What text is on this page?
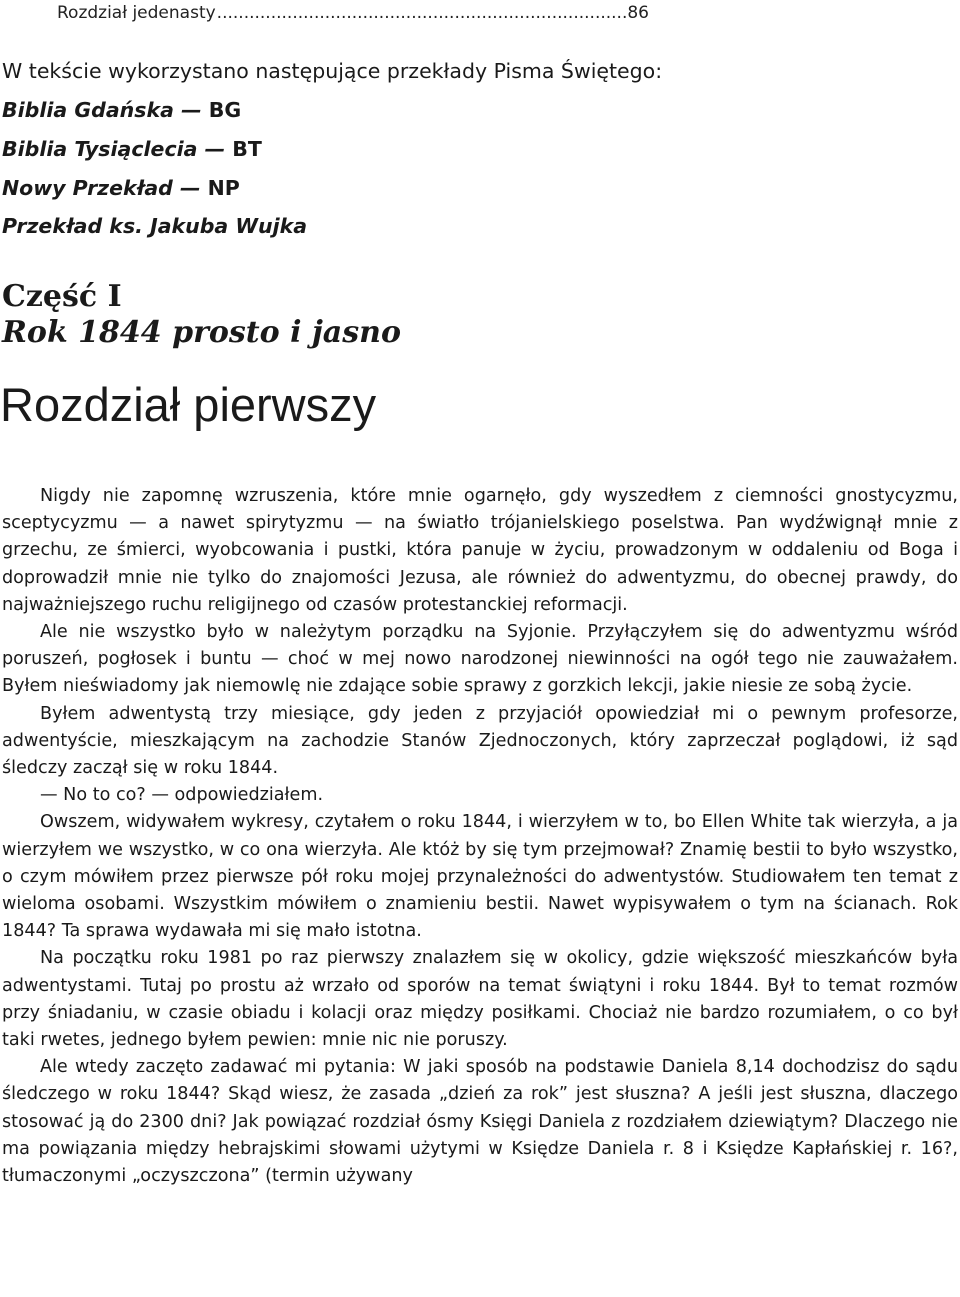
Rozdział jedenasty
.....	86
W tekście wykorzystano następujące przekłady Pisma Świętego:
Biblia Gdańska — BG
Biblia Tysiąclecia — BT
Nowy Przekład — NP
Przekład ks. Jakuba Wujka
Część I
Rok 1844 prosto i jasno
Rozdział pierwszy

Nigdy nie zapomnę wzruszenia, które mnie ogarnęło, gdy wyszedłem z ciemności gnostycyzmu, sceptycyzmu — a nawet spirytyzmu — na światło trójanielskiego poselstwa. Pan wydźwignął mnie z grzechu, ze śmierci, wyobcowania i pustki, która panuje w życiu, prowadzonym w oddaleniu od Boga i doprowadził mnie nie tylko do znajomości Jezusa, ale również do adwentyzmu, do obecnej prawdy, do najważniejszego ruchu religijnego od czasów protestanckiej reformacji.

Ale nie wszystko było w należytym porządku na Syjonie. Przyłączyłem się do adwentyzmu wśród poruszeń, pogłosek i buntu — choć w mej nowo narodzonej niewinności na ogół tego nie zauważałem. Byłem nieświadomy jak niemowlę nie zdające sobie sprawy z gorzkich lekcji, jakie niesie ze sobą życie.

Byłem adwentystą trzy miesiące, gdy jeden z przyjaciół opowiedział mi o pewnym profesorze, adwentyście, mieszkającym na zachodzie Stanów Zjednoczonych, który zaprzeczał poglądowi, iż sąd śledczy zaczął się w roku 1844.

— No to co? — odpowiedziałem.

Owszem, widywałem wykresy, czytałem o roku 1844, i wierzyłem w to, bo Ellen White tak wierzyła, a ja wierzyłem we wszystko, w co ona wierzyła. Ale któż by się tym przejmował? Znamię bestii to było wszystko, o czym mówiłem przez pierwsze pół roku mojej przynależności do adwentystów. Studiowałem ten temat z wieloma osobami. Wszystkim mówiłem o znamieniu bestii. Nawet wypisywałem o tym na ścianach. Rok 1844? Ta sprawa wydawała mi się mało istotna.

Na początku roku 1981 po raz pierwszy znalazłem się w okolicy, gdzie większość mieszkańców była adwentystami. Tutaj po prostu aż wrzało od sporów na temat świątyni i roku 1844. Był to temat rozmów przy śniadaniu, w czasie obiadu i kolacji oraz między posiłkami. Chociaż nie bardzo rozumiałem, o co był taki rwetes, jednego byłem pewien: mnie nic nie poruszy.

Ale wtedy zaczęto zadawać mi pytania: W jaki sposób na podstawie Daniela 8,14 dochodzisz do sądu śledczego w roku 1844? Skąd wiesz, że zasada „dzień za rok” jest słuszna? A jeśli jest słuszna, dlaczego stosować ją do 2300 dni? Jak powiązać rozdział ósmy Księgi Daniela z rozdziałem dziewiątym? Dlaczego nie ma powiązania między hebrajskimi słowami użytymi w Księdze Daniela r. 8 i Księdze Kapłańskiej r. 16?, tłumaczonymi „oczyszczona” (termin używany
